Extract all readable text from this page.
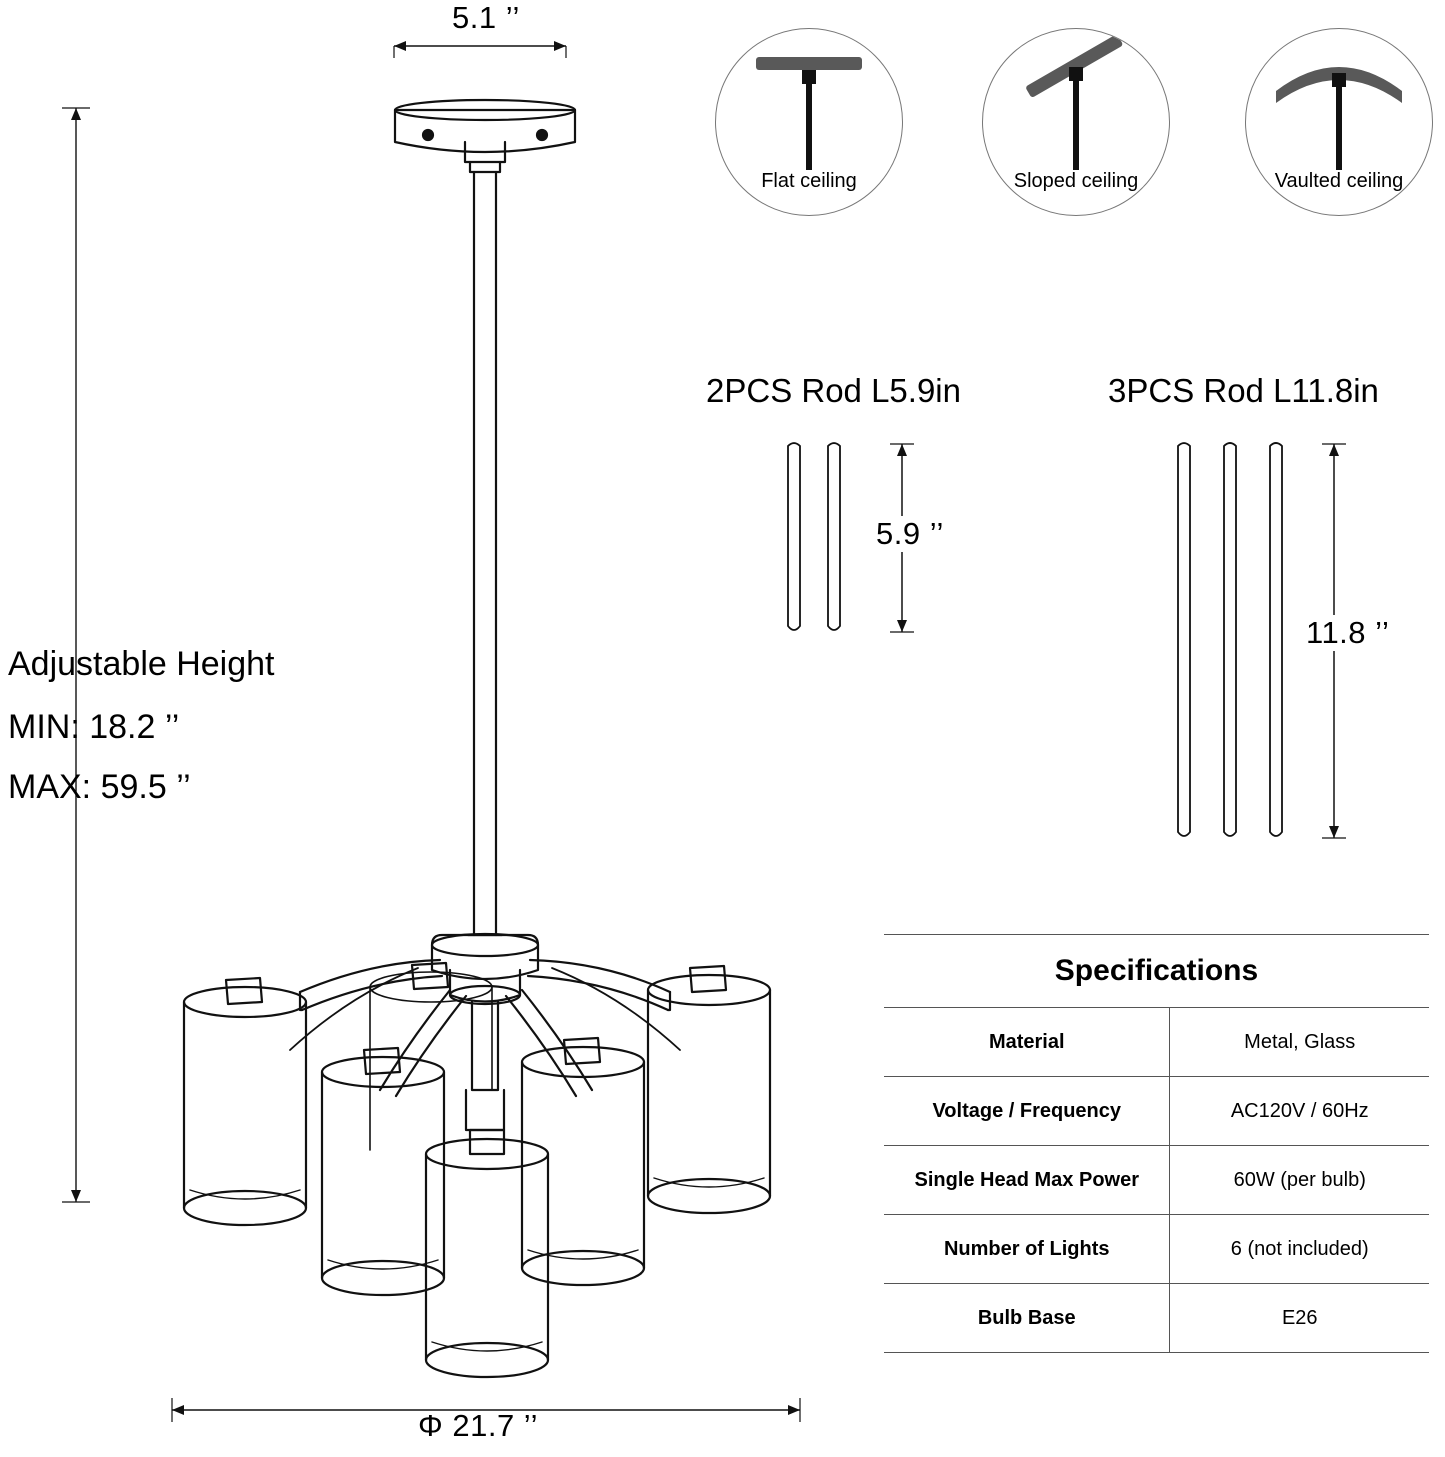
5.1 ’’
Adjustable Height
MIN: 18.2 ’’
MAX: 59.5 ’’
Φ 21.7 ’’
Flat ceiling	Sloped ceiling	Vaulted ceiling
2PCS Rod L5.9in	3PCS Rod L11.8in
5.9 ’’
11.8 ’’
Specifications	
Material	Metal, Glass
Voltage / Frequency	AC120V / 60Hz
Single Head Max Power	60W (per bulb)
Number of Lights	6 (not included)
Bulb Base	E26
